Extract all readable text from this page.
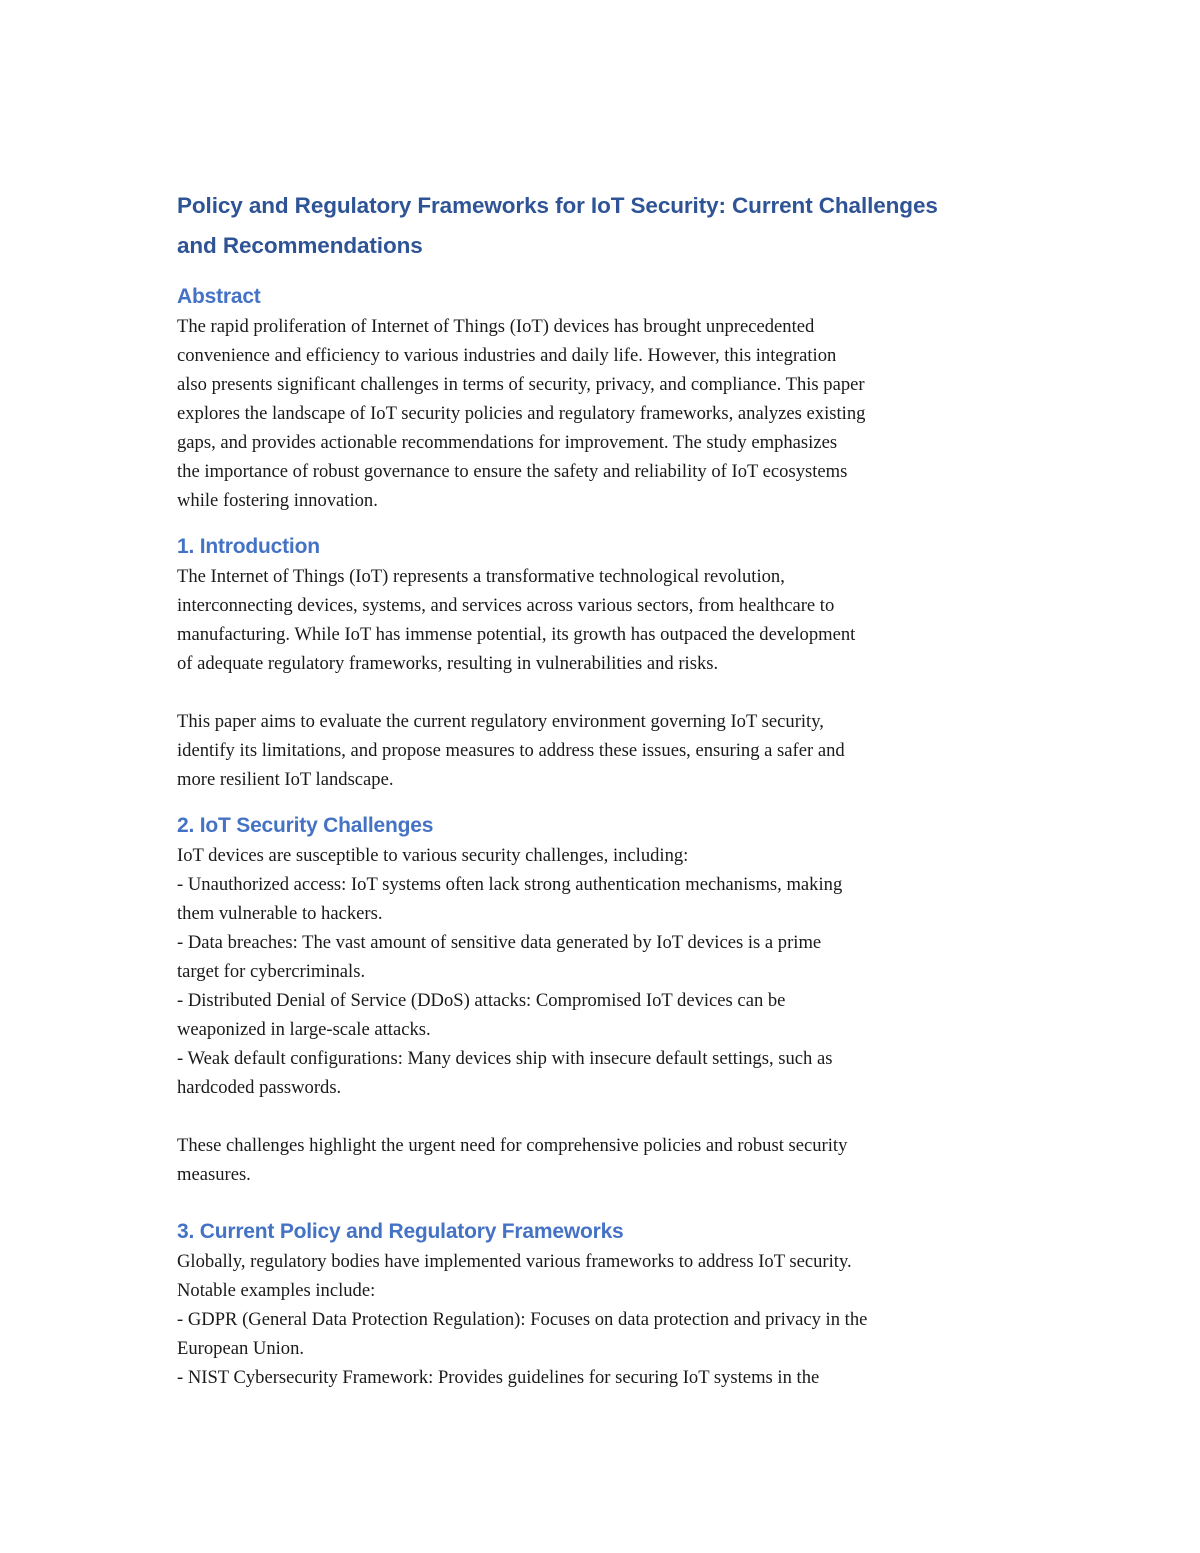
Policy and Regulatory Frameworks for IoT Security: Current Challenges
and Recommendations
Abstract

The rapid proliferation of Internet of Things (IoT) devices has brought unprecedented
convenience and efficiency to various industries and daily life. However, this integration
also presents significant challenges in terms of security, privacy, and compliance. This paper
explores the landscape of IoT security policies and regulatory frameworks, analyzes existing
gaps, and provides actionable recommendations for improvement. The study emphasizes
the importance of robust governance to ensure the safety and reliability of IoT ecosystems
while fostering innovation.

1. Introduction

The Internet of Things (IoT) represents a transformative technological revolution,
interconnecting devices, systems, and services across various sectors, from healthcare to
manufacturing. While IoT has immense potential, its growth has outpaced the development
of adequate regulatory frameworks, resulting in vulnerabilities and risks.

This paper aims to evaluate the current regulatory environment governing IoT security,
identify its limitations, and propose measures to address these issues, ensuring a safer and
more resilient IoT landscape.

2. IoT Security Challenges

IoT devices are susceptible to various security challenges, including:
- Unauthorized access: IoT systems often lack strong authentication mechanisms, making
them vulnerable to hackers.
- Data breaches: The vast amount of sensitive data generated by IoT devices is a prime
target for cybercriminals.
- Distributed Denial of Service (DDoS) attacks: Compromised IoT devices can be
weaponized in large-scale attacks.
- Weak default configurations: Many devices ship with insecure default settings, such as
hardcoded passwords.

These challenges highlight the urgent need for comprehensive policies and robust security
measures.

3. Current Policy and Regulatory Frameworks

Globally, regulatory bodies have implemented various frameworks to address IoT security.
Notable examples include:
- GDPR (General Data Protection Regulation): Focuses on data protection and privacy in the
European Union.
- NIST Cybersecurity Framework: Provides guidelines for securing IoT systems in the
